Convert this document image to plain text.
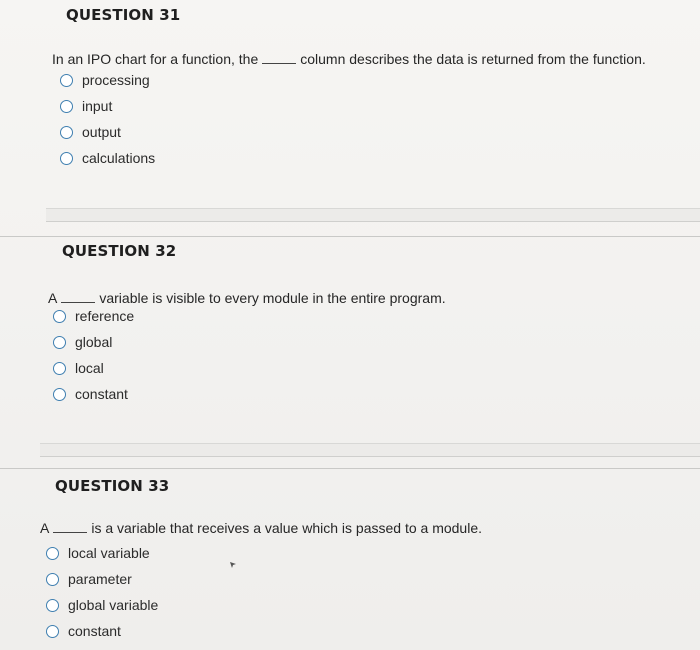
QUESTION 31
In an IPO chart for a function, the	column describes the data is returned from the function.
processing
input
output
calculations
QUESTION 32
A	variable is visible to every module in the entire program.
reference
global
local
constant
QUESTION 33
A	is a variable that receives a value which is passed to a module.
local variable
parameter
global variable
constant
